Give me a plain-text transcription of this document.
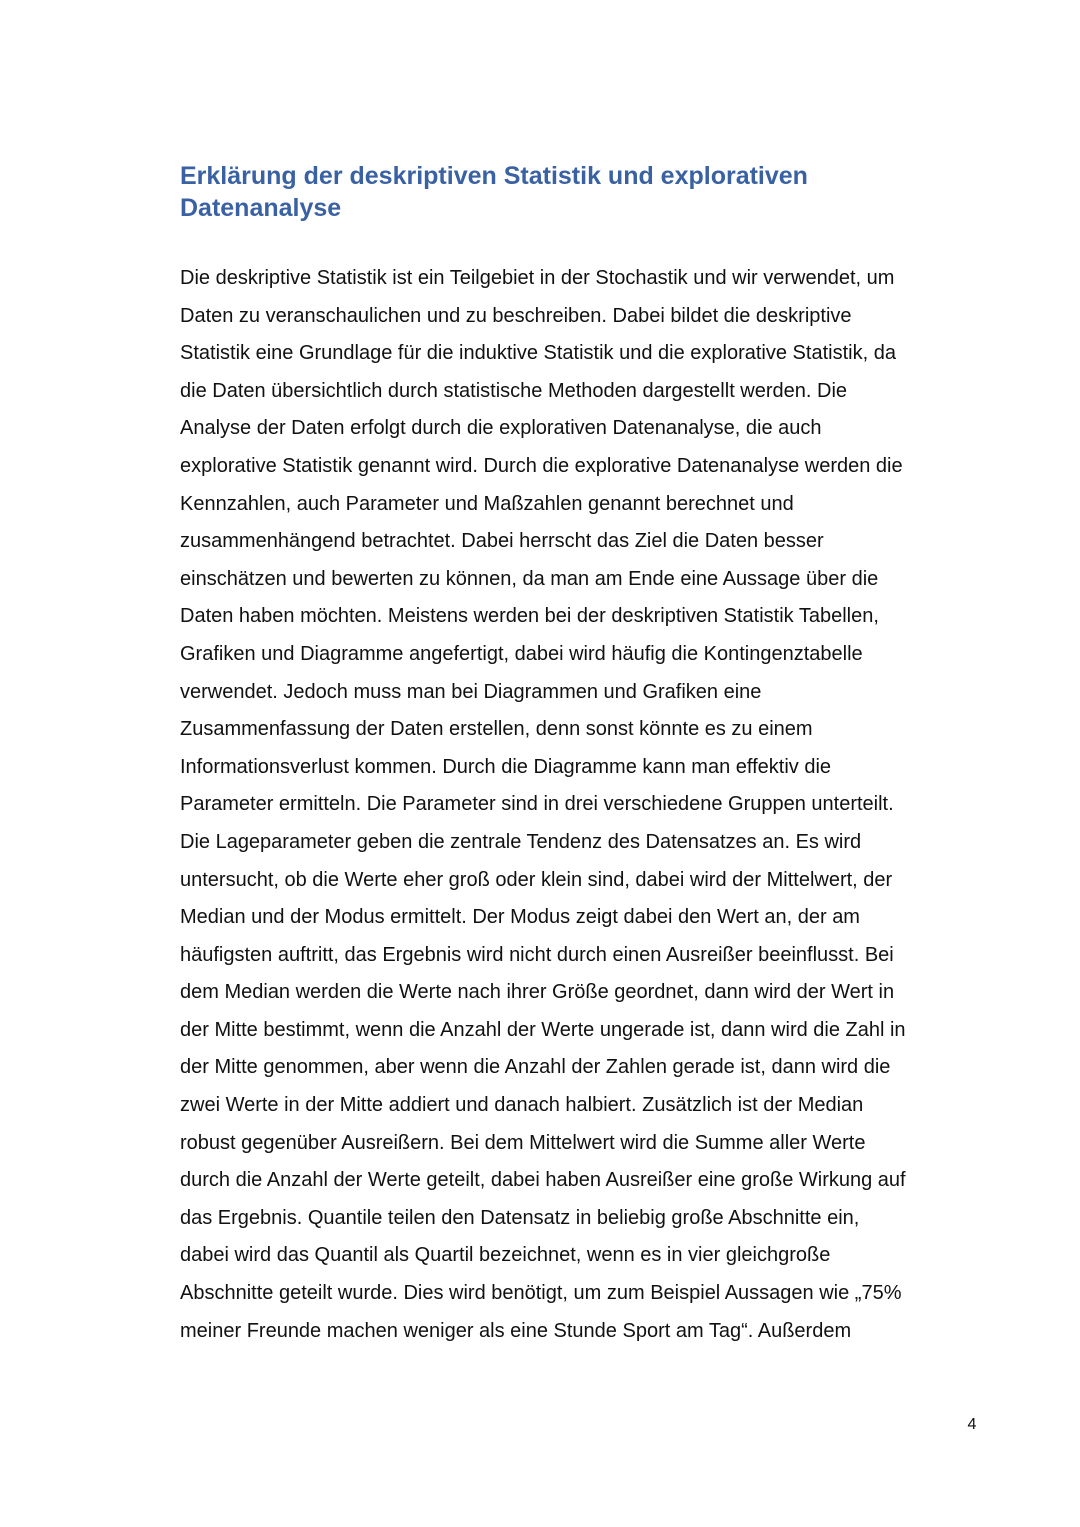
Erklärung der deskriptiven Statistik und explorativen
Datenanalyse
Die deskriptive Statistik ist ein Teilgebiet in der Stochastik und wir verwendet, um
Daten zu veranschaulichen und zu beschreiben. Dabei bildet die deskriptive
Statistik eine Grundlage für die induktive Statistik und die explorative Statistik, da
die Daten übersichtlich durch statistische Methoden dargestellt werden. Die
Analyse der Daten erfolgt durch die explorativen Datenanalyse, die auch
explorative Statistik genannt wird. Durch die explorative Datenanalyse werden die
Kennzahlen, auch Parameter und Maßzahlen genannt berechnet und
zusammenhängend betrachtet. Dabei herrscht das Ziel die Daten besser
einschätzen und bewerten zu können, da man am Ende eine Aussage über die
Daten haben möchten. Meistens werden bei der deskriptiven Statistik Tabellen,
Grafiken und Diagramme angefertigt, dabei wird häufig die Kontingenztabelle
verwendet. Jedoch muss man bei Diagrammen und Grafiken eine
Zusammenfassung der Daten erstellen, denn sonst könnte es zu einem
Informationsverlust kommen. Durch die Diagramme kann man effektiv die
Parameter ermitteln. Die Parameter sind in drei verschiedene Gruppen unterteilt.
Die Lageparameter geben die zentrale Tendenz des Datensatzes an. Es wird
untersucht, ob die Werte eher groß oder klein sind, dabei wird der Mittelwert, der
Median und der Modus ermittelt. Der Modus zeigt dabei den Wert an, der am
häufigsten auftritt, das Ergebnis wird nicht durch einen Ausreißer beeinflusst. Bei
dem Median werden die Werte nach ihrer Größe geordnet, dann wird der Wert in
der Mitte bestimmt, wenn die Anzahl der Werte ungerade ist, dann wird die Zahl in
der Mitte genommen, aber wenn die Anzahl der Zahlen gerade ist, dann wird die
zwei Werte in der Mitte addiert und danach halbiert. Zusätzlich ist der Median
robust gegenüber Ausreißern. Bei dem Mittelwert wird die Summe aller Werte
durch die Anzahl der Werte geteilt, dabei haben Ausreißer eine große Wirkung auf
das Ergebnis. Quantile teilen den Datensatz in beliebig große Abschnitte ein,
dabei wird das Quantil als Quartil bezeichnet, wenn es in vier gleichgroße
Abschnitte geteilt wurde. Dies wird benötigt, um zum Beispiel Aussagen wie „75%
meiner Freunde machen weniger als eine Stunde Sport am Tag“. Außerdem
4
